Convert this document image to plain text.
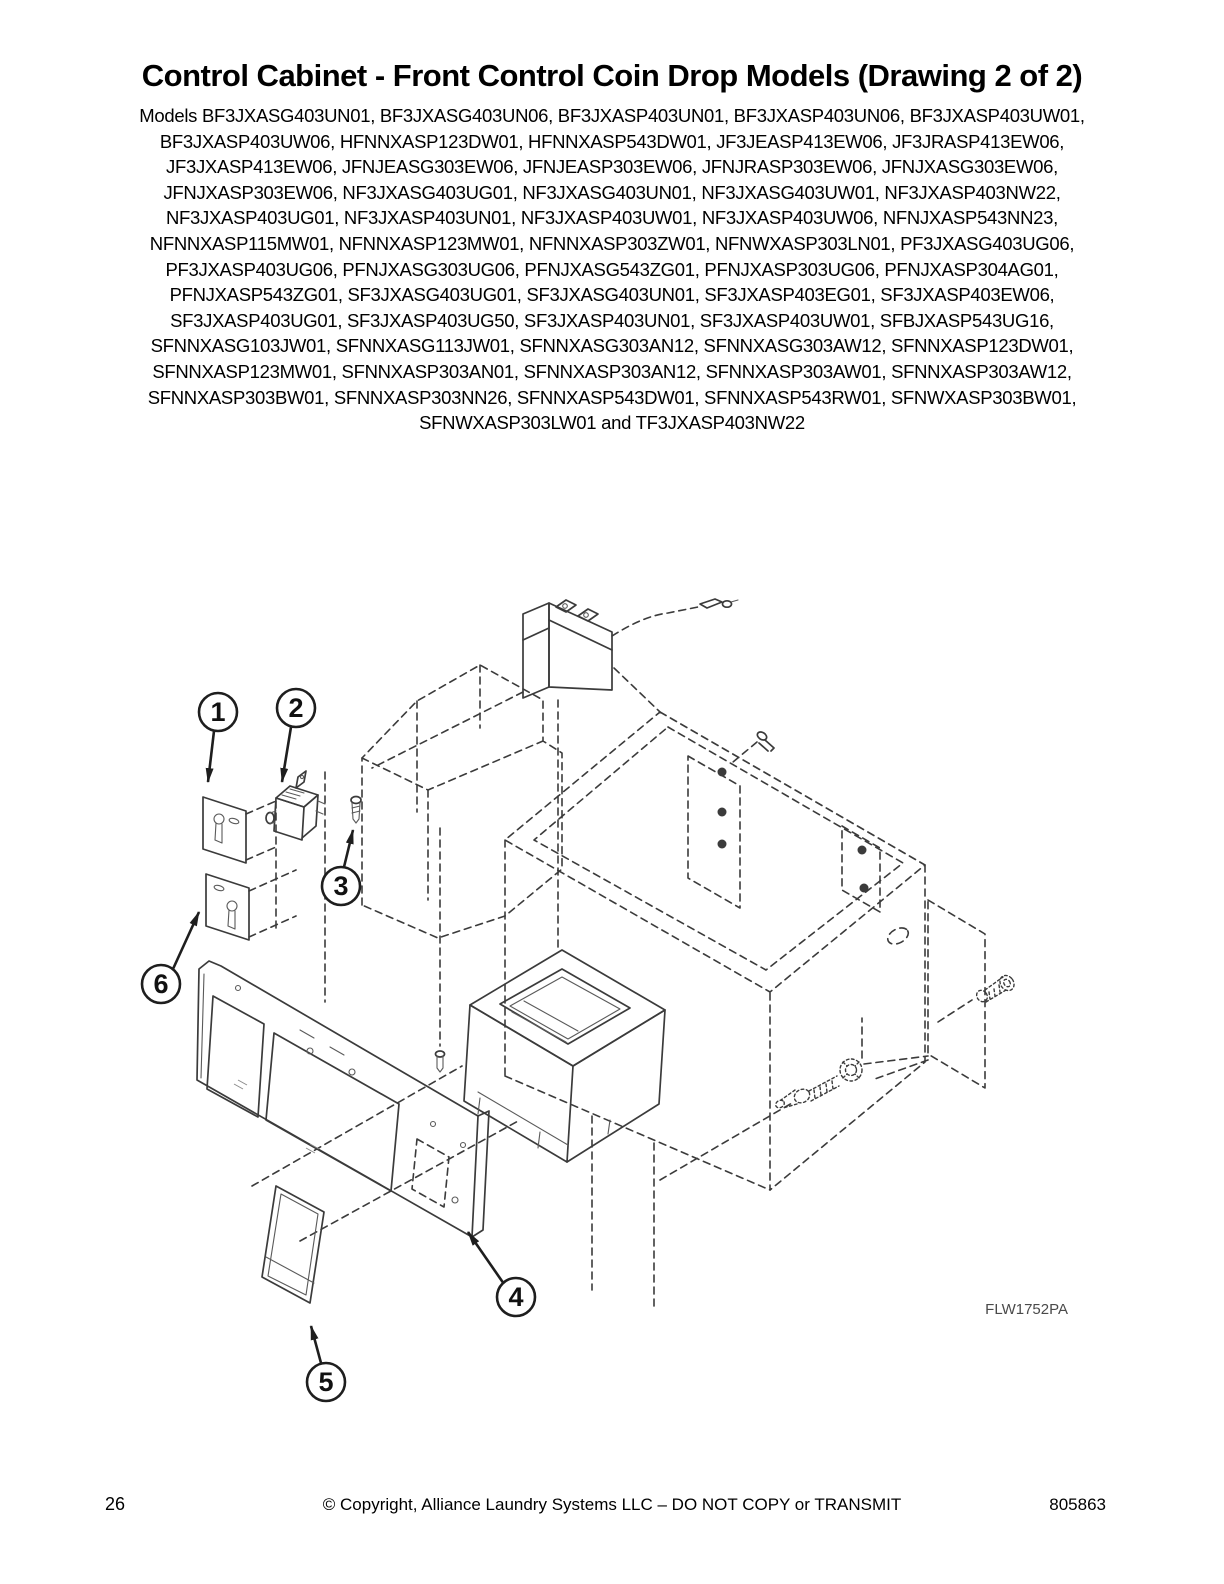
Control Cabinet - Front Control Coin Drop Models (Drawing 2 of 2)
Models BF3JXASG403UN01, BF3JXASG403UN06, BF3JXASP403UN01, BF3JXASP403UN06, BF3JXASP403UW01,
BF3JXASP403UW06, HFNNXASP123DW01, HFNNXASP543DW01, JF3JEASP413EW06, JF3JRASP413EW06,
JF3JXASP413EW06, JFNJEASG303EW06, JFNJEASP303EW06, JFNJRASP303EW06, JFNJXASG303EW06,
JFNJXASP303EW06, NF3JXASG403UG01, NF3JXASG403UN01, NF3JXASG403UW01, NF3JXASP403NW22,
NF3JXASP403UG01, NF3JXASP403UN01, NF3JXASP403UW01, NF3JXASP403UW06, NFNJXASP543NN23,
NFNNXASP115MW01, NFNNXASP123MW01, NFNNXASP303ZW01, NFNWXASP303LN01, PF3JXASG403UG06,
PF3JXASP403UG06, PFNJXASG303UG06, PFNJXASG543ZG01, PFNJXASP303UG06, PFNJXASP304AG01,
PFNJXASP543ZG01, SF3JXASG403UG01, SF3JXASG403UN01, SF3JXASP403EG01, SF3JXASP403EW06,
SF3JXASP403UG01, SF3JXASP403UG50, SF3JXASP403UN01, SF3JXASP403UW01, SFBJXASP543UG16,
SFNNXASG103JW01, SFNNXASG113JW01, SFNNXASG303AN12, SFNNXASG303AW12, SFNNXASP123DW01,
SFNNXASP123MW01, SFNNXASP303AN01, SFNNXASP303AN12, SFNNXASP303AW01, SFNNXASP303AW12,
SFNNXASP303BW01, SFNNXASP303NN26, SFNNXASP543DW01, SFNNXASP543RW01, SFNWXASP303BW01,
SFNWXASP303LW01 and TF3JXASP403NW22
1 2
3
4
5
6
FLW1752PA
26	© Copyright, Alliance Laundry Systems LLC – DO NOT COPY or TRANSMIT	805863
